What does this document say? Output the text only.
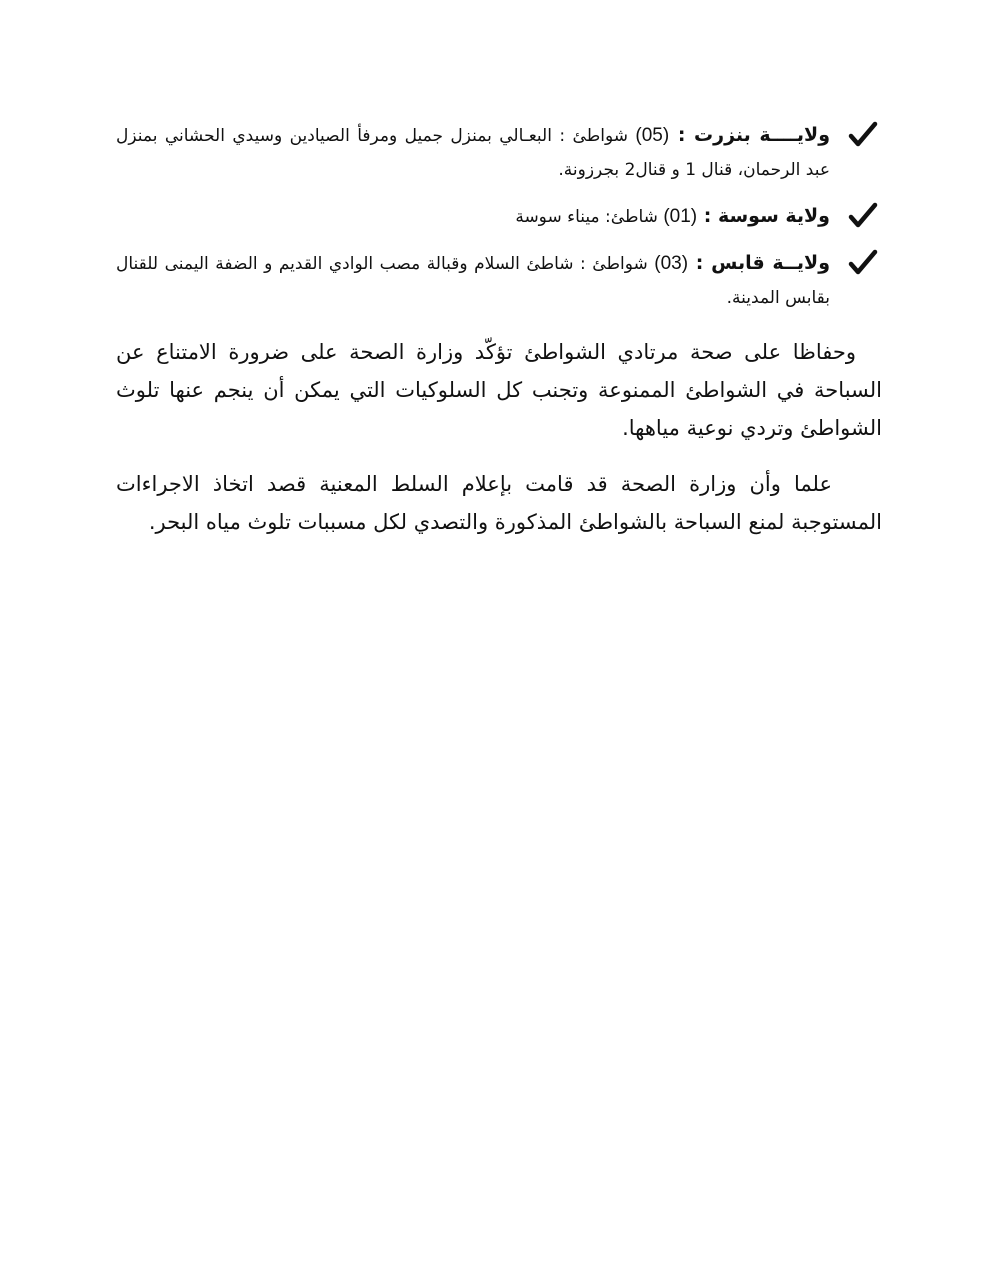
ولايــــة بنزرت : (05) شواطئ : البعـالي بمنزل جميل ومرفأ الصيادين وسيدي الحشاني بمنزل عبد الرحمان، قنال 1 و قنال2 بجرزونة.
ولاية سوسة : (01) شاطئ: ميناء سوسة
ولايــة قابس : (03) شواطئ : شاطئ السلام وقبالة مصب الوادي القديم و الضفة اليمنى للقنال بقابس المدينة.

وحفاظا على صحة مرتادي الشواطئ تؤكّد وزارة الصحة على ضرورة الامتناع عن السباحة في الشواطئ الممنوعة وتجنب كل السلوكيات التي يمكن أن ينجم عنها تلوث الشواطئ وتردي نوعية مياهها.

علما وأن وزارة الصحة قد قامت بإعلام السلط المعنية قصد اتخاذ الاجراءات المستوجبة لمنع السباحة بالشواطئ المذكورة والتصدي لكل مسببات تلوث مياه البحر.
